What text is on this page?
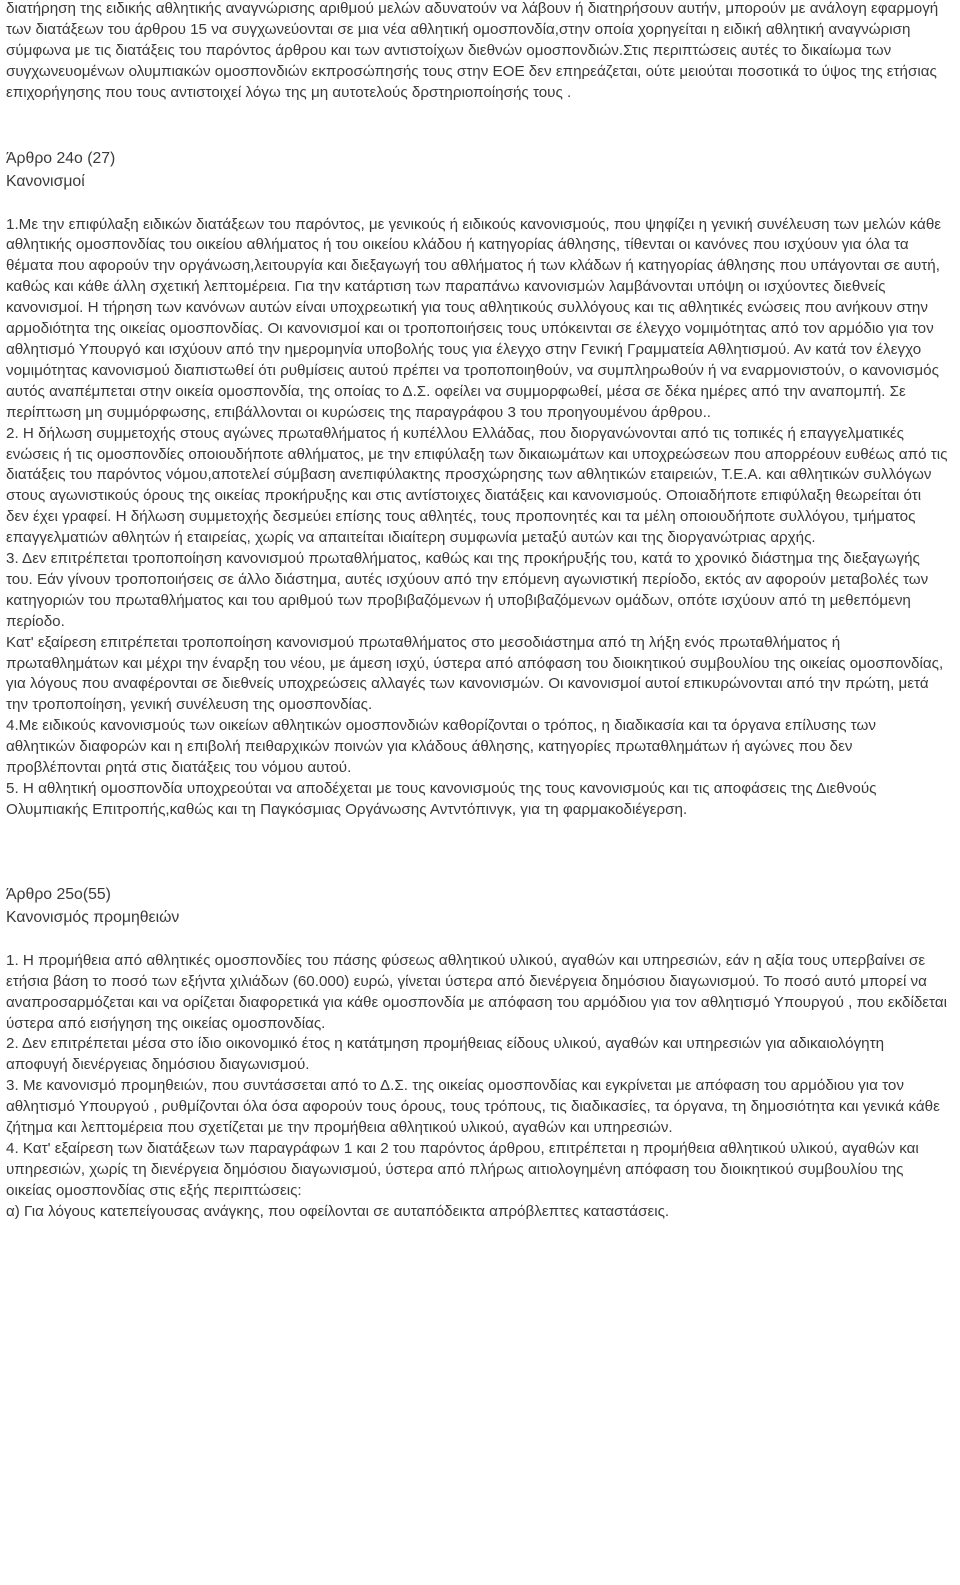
διατήρηση της ειδικής αθλητικής αναγνώρισης αριθμού μελών αδυνατούν να λάβουν ή διατηρήσουν αυτήν, μπορούν με ανάλογη εφαρμογή των διατάξεων του άρθρου 15 να συγχωνεύονται σε μια νέα αθλητική ομοσπονδία,στην οποία χορηγείται η ειδική αθλητική αναγνώριση σύμφωνα με τις διατάξεις του παρόντος άρθρου και των αντιστοίχων διεθνών ομοσπονδιών.Στις περιπτώσεις αυτές το δικαίωμα των συγχωνευομένων ολυμπιακών ομοσπονδιών εκπροσώπησής τους στην ΕΟΕ δεν επηρεάζεται, ούτε μειούται ποσοτικά το ύψος της ετήσιας επιχορήγησης που τους αντιστοιχεί λόγω της μη αυτοτελούς δρστηριοποίησής τους .

Άρθρο 24ο (27)

Κανονισμοί

1.Με την επιφύλαξη ειδικών διατάξεων του παρόντος, με γενικούς ή ειδικούς κανονισμούς, που ψηφίζει η γενική συνέλευση των μελών κάθε αθλητικής ομοσπονδίας του οικείου αθλήματος ή του οικείου κλάδου ή κατηγορίας άθλησης, τίθενται οι κανόνες που ισχύουν για όλα τα θέματα που αφορούν την οργάνωση,λειτουργία και διεξαγωγή του αθλήματος ή των κλάδων ή κατηγορίας άθλησης που υπάγονται σε αυτή, καθώς και κάθε άλλη σχετική λεπτομέρεια. Για την κατάρτιση των παραπάνω κανονισμών λαμβάνονται υπόψη οι ισχύοντες διεθνείς κανονισμοί. Η τήρηση των κανόνων αυτών είναι υποχρεωτική για τους αθλητικούς συλλόγους και τις αθλητικές ενώσεις που ανήκουν στην αρμοδιότητα της οικείας ομοσπονδίας. Οι κανονισμοί και οι τροποποιήσεις τους υπόκεινται σε έλεγχο νομιμότητας από τον αρμόδιο για τον αθλητισμό Υπουργό και ισχύουν από την ημερομηνία υποβολής τους για έλεγχο στην Γενική Γραμματεία Αθλητισμού. Αν κατά τον έλεγχο νομιμότητας κανονισμού διαπιστωθεί ότι ρυθμίσεις αυτού πρέπει να τροποποιηθούν, να συμπληρωθούν ή να εναρμονιστούν, ο κανονισμός αυτός αναπέμπεται στην οικεία ομοσπονδία, της οποίας το Δ.Σ. οφείλει να συμμορφωθεί, μέσα σε δέκα ημέρες από την αναπομπή. Σε περίπτωση μη συμμόρφωσης, επιβάλλονται οι κυρώσεις της παραγράφου 3 του προηγουμένου άρθρου..

2. Η δήλωση συμμετοχής στους αγώνες πρωταθλήματος ή κυπέλλου Ελλάδας, που διοργανώνονται από τις τοπικές ή επαγγελματικές ενώσεις ή τις ομοσπονδίες οποιουδήποτε αθλήματος, με την επιφύλαξη των δικαιωμάτων και υποχρεώσεων που απορρέουν ευθέως από τις διατάξεις του παρόντος νόμου,αποτελεί σύμβαση ανεπιφύλακτης προσχώρησης των αθλητικών εταιρειών, Τ.Ε.Α. και αθλητικών συλλόγων στους αγωνιστικούς όρους της οικείας προκήρυξης και στις αντίστοιχες διατάξεις και κανονισμούς. Οποιαδήποτε επιφύλαξη θεωρείται ότι δεν έχει γραφεί. Η δήλωση συμμετοχής δεσμεύει επίσης τους αθλητές, τους προπονητές και τα μέλη οποιουδήποτε συλλόγου, τμήματος επαγγελματιών αθλητών ή εταιρείας, χωρίς να απαιτείται ιδιαίτερη συμφωνία μεταξύ αυτών και της διοργανώτριας αρχής.

3. Δεν επιτρέπεται τροποποίηση κανονισμού πρωταθλήματος, καθώς και της προκήρυξής του, κατά το χρονικό διάστημα της διεξαγωγής του. Εάν γίνουν τροποποιήσεις σε άλλο διάστημα, αυτές ισχύουν από την επόμενη αγωνιστική περίοδο, εκτός αν αφορούν μεταβολές των κατηγοριών του πρωταθλήματος και του αριθμού των προβιβαζόμενων ή υποβιβαζόμενων ομάδων, οπότε ισχύουν από τη μεθεπόμενη περίοδο.

Κατ' εξαίρεση επιτρέπεται τροποποίηση κανονισμού πρωταθλήματος στο μεσοδιάστημα από τη λήξη ενός πρωταθλήματος ή πρωταθλημάτων και μέχρι την έναρξη του νέου, με άμεση ισχύ, ύστερα από απόφαση του διοικητικού συμβουλίου της οικείας ομοσπονδίας, για λόγους που αναφέρονται σε διεθνείς υποχρεώσεις αλλαγές των κανονισμών. Οι κανονισμοί αυτοί επικυρώνονται από την πρώτη, μετά την τροποποίηση, γενική συνέλευση της ομοσπονδίας.

4.Με ειδικούς κανονισμούς των οικείων αθλητικών ομοσπονδιών καθορίζονται ο τρόπος, η διαδικασία και τα όργανα επίλυσης των αθλητικών διαφορών και η επιβολή πειθαρχικών ποινών για κλάδους άθλησης, κατηγορίες πρωταθλημάτων ή αγώνες που δεν προβλέπονται ρητά στις διατάξεις του νόμου αυτού.

5. Η αθλητική ομοσπονδία υποχρεούται να αποδέχεται με τους κανονισμούς της τους κανονισμούς και τις αποφάσεις της Διεθνούς Ολυμπιακής Επιτροπής,καθώς και τη Παγκόσμιας Οργάνωσης Αντντόπινγκ, για τη φαρμακοδιέγερση.

Άρθρο 25ο(55)

Κανονισμός προμηθειών

1. Η προμήθεια από αθλητικές ομοσπονδίες του πάσης φύσεως αθλητικού υλικού, αγαθών και υπηρεσιών, εάν η αξία τους υπερβαίνει σε ετήσια βάση το ποσό των εξήντα χιλιάδων (60.000) ευρώ, γίνεται ύστερα από διενέργεια δημόσιου διαγωνισμού. Το ποσό αυτό μπορεί να αναπροσαρμόζεται και να ορίζεται διαφορετικά για κάθε ομοσπονδία με απόφαση του αρμόδιου για τον αθλητισμό Υπουργού , που εκδίδεται ύστερα από εισήγηση της οικείας ομοσπονδίας.

2. Δεν επιτρέπεται μέσα στο ίδιο οικονομικό έτος η κατάτμηση προμήθειας είδους υλικού, αγαθών και υπηρεσιών για αδικαιολόγητη αποφυγή διενέργειας δημόσιου διαγωνισμού.

3. Με κανονισμό προμηθειών, που συντάσσεται από το Δ.Σ. της οικείας ομοσπονδίας και εγκρίνεται με απόφαση του αρμόδιου για τον αθλητισμό Υπουργού , ρυθμίζονται όλα όσα αφορούν τους όρους, τους τρόπους, τις διαδικασίες, τα όργανα, τη δημοσιότητα και γενικά κάθε ζήτημα και λεπτομέρεια που σχετίζεται με την προμήθεια αθλητικού υλικού, αγαθών και υπηρεσιών.

4. Κατ' εξαίρεση των διατάξεων των παραγράφων 1 και 2 του παρόντος άρθρου, επιτρέπεται η προμήθεια αθλητικού υλικού, αγαθών και υπηρεσιών, χωρίς τη διενέργεια δημόσιου διαγωνισμού, ύστερα από πλήρως αιτιολογημένη απόφαση του διοικητικού συμβουλίου της οικείας ομοσπονδίας στις εξής περιπτώσεις:

α) Για λόγους κατεπείγουσας ανάγκης, που οφείλονται σε αυταπόδεικτα απρόβλεπτες καταστάσεις.
